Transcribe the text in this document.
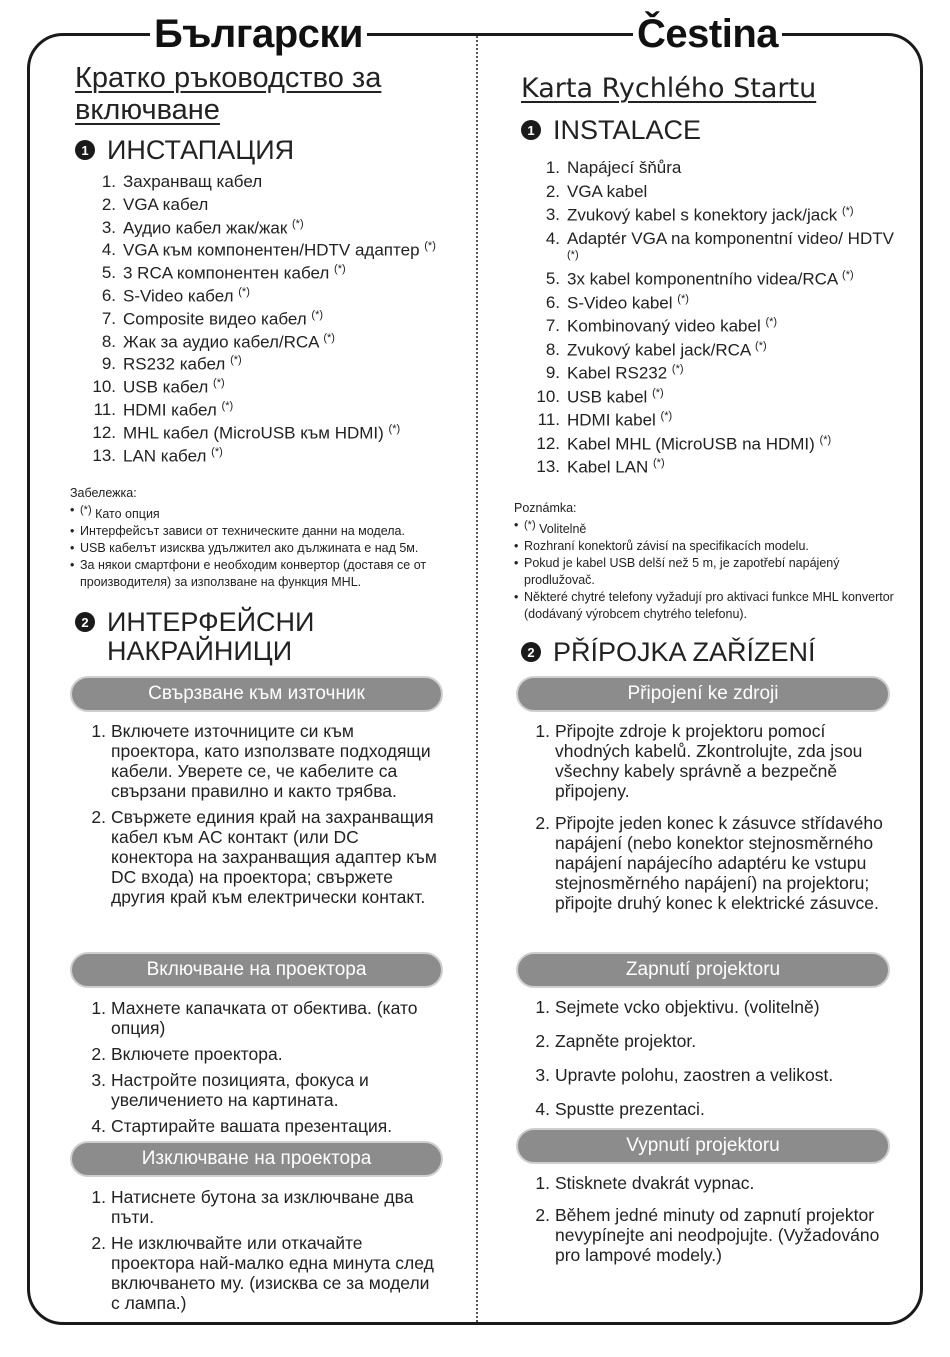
Български	Čestina
Кратко ръководство за
включване
1 ИНСТАПАЦИЯ
1. Захранващ кабел
2. VGA кабел
3. Аудио кабел жак/жак (*)
4. VGA към компонентен/HDTV адаптер (*)
5. 3 RCA компонентен кабел (*)
6. S-Video кабел (*)
7. Composite видео кабел (*)
8. Жак за аудио кабел/RCA (*)
9. RS232 кабел (*)
10. USB кабел (*)
11. HDMI кабел (*)
12. MHL кабел (MicroUSB към HDMI) (*)
13. LAN кабел (*)
Забележка:
• (*) Като опция
• Интерфейсът зависи от техническите данни на модела.
• USB кабелът изисква удължител ако дължината е над 5м.
• За някои смартфони е необходим конвертор (доставя се от производителя) за използване на функция MHL.
2 ИНТЕРФЕЙСНИ
НАКРАЙНИЦИ
Свързване към източник
1. Включете източниците си към проектора, като използвате подходящи кабели. Уверете се, че кабелите са свързани правилно и както трябва.
2. Свържете единия край на захранващия кабел към AC контакт (или DC конектора на захранващия адаптер към DC входа) на проектора; свържете другия край към електрически контакт.
Включване на проектора
1. Махнете капачката от обектива. (като опция)
2. Включете проектора.
3. Настройте позицията, фокуса и увеличението на картината.
4. Стартирайте вашата презентация.
Изключване на проектора
1. Натиснете бутона за изключване два пъти.
2. Не изключвайте или откачайте проектора най-малко една минута след включването му. (изисква се за модели с лампа.)
Karta Rychlého Startu
1 INSTALACE
1. Napájecí šňůra
2. VGA kabel
3. Zvukový kabel s konektory jack/jack (*)
4. Adaptér VGA na komponentní video/ HDTV (*)
5. 3x kabel komponentního videa/RCA (*)
6. S-Video kabel (*)
7. Kombinovaný video kabel (*)
8. Zvukový kabel jack/RCA (*)
9. Kabel RS232 (*)
10. USB kabel (*)
11. HDMI kabel (*)
12. Kabel MHL (MicroUSB na HDMI) (*)
13. Kabel LAN (*)
Poznámka:
• (*) Volitelně
• Rozhraní konektorů závisí na specifikacích modelu.
• Pokud je kabel USB delší než 5 m, je zapotřebí napájený prodlužovač.
• Některé chytré telefony vyžadují pro aktivaci funkce MHL konvertor (dodávaný výrobcem chytrého telefonu).
2 PŘÍPOJKA ZAŘÍZENÍ
Připojení ke zdroji
1. Připojte zdroje k projektoru pomocí vhodných kabelů. Zkontrolujte, zda jsou všechny kabely správně a bezpečně připojeny.
2. Připojte jeden konec k zásuvce střídavého napájení (nebo konektor stejnosměrného napájení napájecího adaptéru ke vstupu stejnosměrného napájení) na projektoru; připojte druhý konec k elektrické zásuvce.
Zapnutí projektoru
1. Sejmete vcko objektivu. (volitelně)
2. Zapněte projektor.
3. Upravte polohu, zaostren a velikost.
4. Spustte prezentaci.
Vypnutí projektoru
1. Stisknete dvakrát vypnac.
2. Během jedné minuty od zapnutí projektor nevypínejte ani neodpojujte. (Vyžadováno pro lampové modely.)
